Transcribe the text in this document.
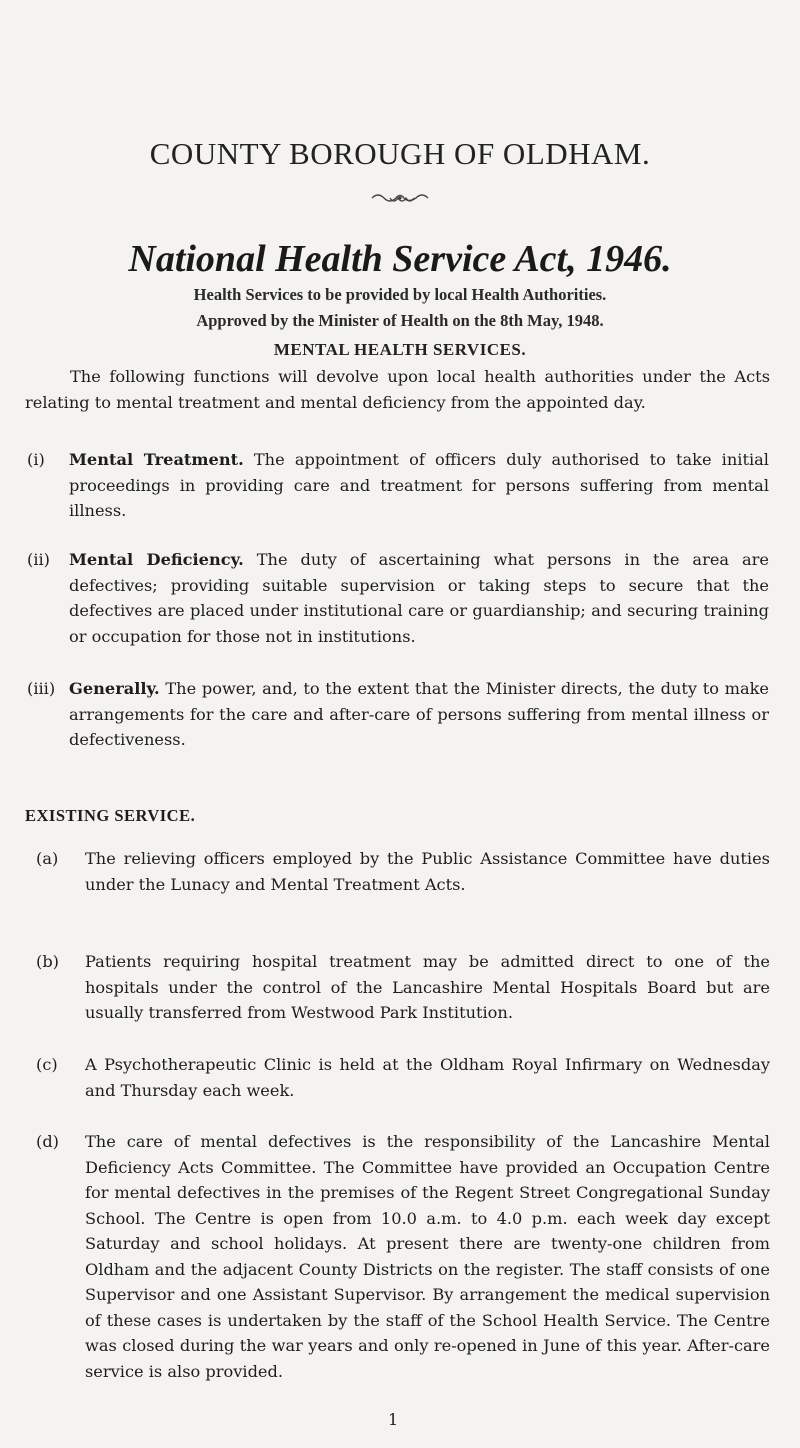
COUNTY BOROUGH OF OLDHAM.
National Health Service Act, 1946.

Health Services to be provided by local Health Authorities.

Approved by the Minister of Health on the 8th May, 1948.

MENTAL HEALTH SERVICES.

The following functions will devolve upon local health authorities under the Acts relating to mental treatment and mental deficiency from the appointed day.

(i) Mental Treatment. The appointment of officers duly authorised to take initial proceedings in providing care and treatment for persons suffering from mental illness.
(ii) Mental Deficiency. The duty of ascertaining what persons in the area are defectives; providing suitable supervision or taking steps to secure that the defectives are placed under institutional care or guardianship; and securing training or occupation for those not in institutions.
(iii) Generally. The power, and, to the extent that the Minister directs, the duty to make arrangements for the care and after-care of persons suffering from mental illness or defectiveness.
EXISTING SERVICE.
(a) The relieving officers employed by the Public Assistance Committee have duties under the Lunacy and Mental Treatment Acts.
(b) Patients requiring hospital treatment may be admitted direct to one of the hospitals under the control of the Lancashire Mental Hospitals Board but are usually transferred from Westwood Park Institution.
(c) A Psychotherapeutic Clinic is held at the Oldham Royal Infirmary on Wednesday and Thursday each week.
(d) The care of mental defectives is the responsibility of the Lancashire Mental Deficiency Acts Committee. The Committee have provided an Occupation Centre for mental defectives in the premises of the Regent Street Congregational Sunday School. The Centre is open from 10.0 a.m. to 4.0 p.m. each week day except Saturday and school holidays. At present there are twenty-one children from Oldham and the adjacent County Districts on the register. The staff consists of one Supervisor and one Assistant Supervisor. By arrangement the medical supervision of these cases is undertaken by the staff of the School Health Service. The Centre was closed during the war years and only re-opened in June of this year. After-care service is also provided.

1
